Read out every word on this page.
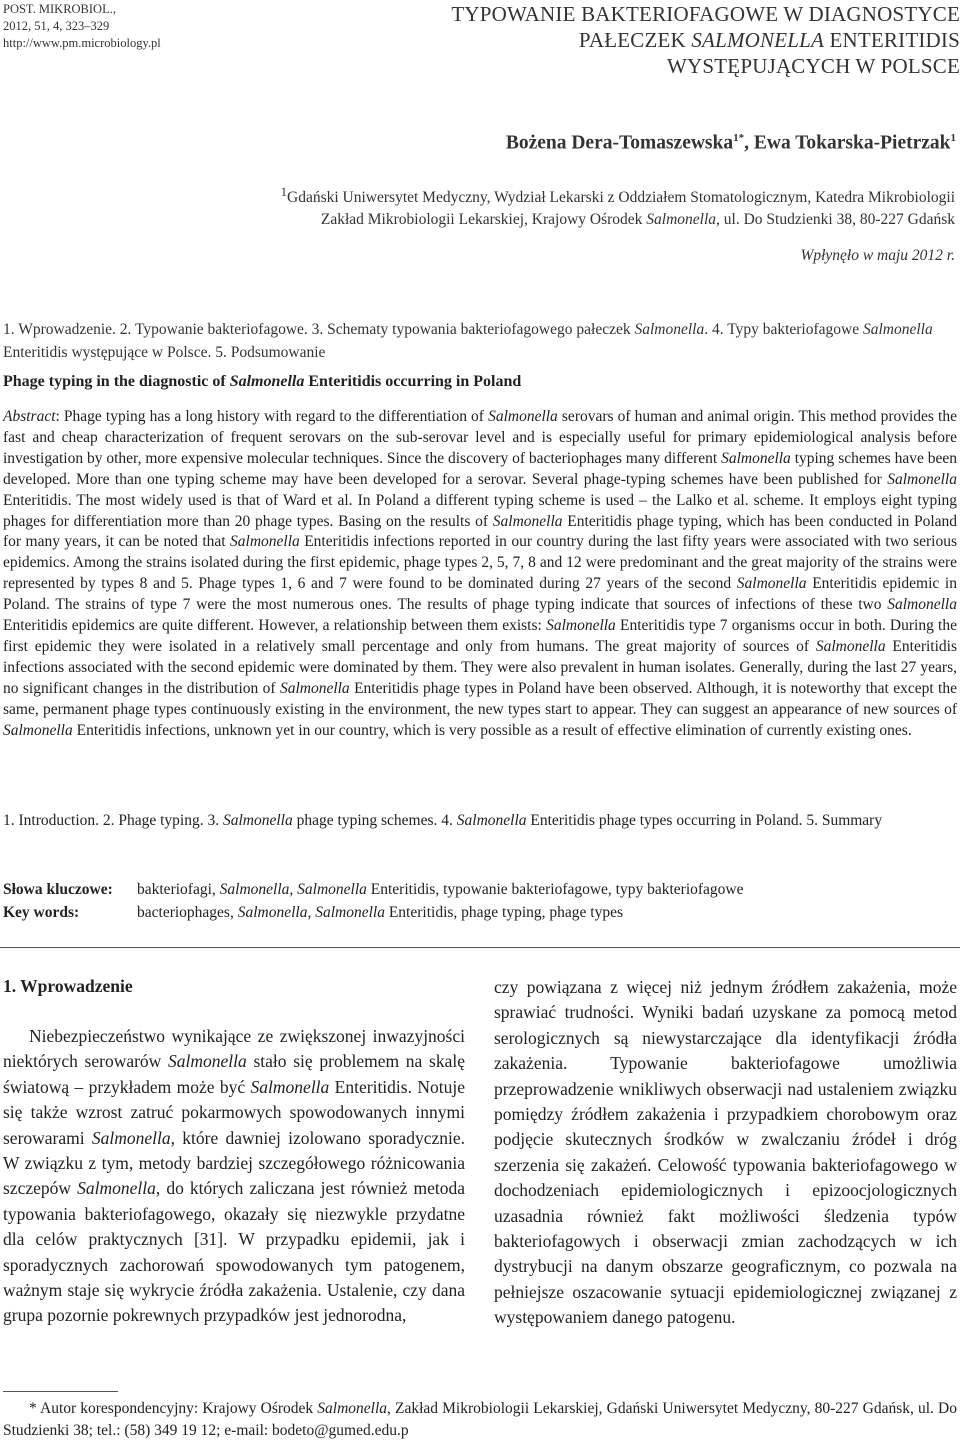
POST. MIKROBIOL.,
2012, 51, 4, 323–329
http://www.pm.microbiology.pl
TYPOWANIE BAKTERIOFAGOWE W DIAGNOSTYCE
PAŁECZEK SALMONELLA ENTERITIDIS
WYSTĘPUJĄCYCH W POLSCE
Bożena Dera-Tomaszewska$^{1*}$, Ewa Tokarska-Pietrzak$^1$
$^1$Gdański Uniwersytet Medyczny, Wydział Lekarski z Oddziałem Stomatologicznym, Katedra Mikrobiologii
Zakład Mikrobiologii Lekarskiej, Krajowy Ośrodek Salmonella, ul. Do Studzienki 38, 80-227 Gdańsk
Wpłynęło w maju 2012 r.
1. Wprowadzenie. 2. Typowanie bakteriofagowe. 3. Schematy typowania bakteriofagowego pałeczek Salmonella. 4. Typy bakteriofagowe Salmonella Enteritidis występujące w Polsce. 5. Podsumowanie
Phage typing in the diagnostic of Salmonella Enteritidis occurring in Poland
Abstract: Phage typing has a long history with regard to the differentiation of Salmonella serovars of human and animal origin. This method provides the fast and cheap characterization of frequent serovars on the sub-serovar level and is especially useful for primary epidemiological analysis before investigation by other, more expensive molecular techniques. Since the discovery of bacteriophages many different Salmonella typing schemes have been developed. More than one typing scheme may have been developed for a serovar. Several phage-typing schemes have been published for Salmonella Enteritidis. The most widely used is that of Ward et al. In Poland a different typing scheme is used – the Lalko et al. scheme. It employs eight typing phages for differentiation more than 20 phage types. Basing on the results of Salmonella Enteritidis phage typing, which has been conducted in Poland for many years, it can be noted that Salmonella Enteritidis infections reported in our country during the last fifty years were associated with two serious epidemics. Among the strains isolated during the first epidemic, phage types 2, 5, 7, 8 and 12 were predominant and the great majority of the strains were represented by types 8 and 5. Phage types 1, 6 and 7 were found to be dominated during 27 years of the second Salmonella Enteritidis epidemic in Poland. The strains of type 7 were the most numerous ones. The results of phage typing indicate that sources of infections of these two Salmonella Enteritidis epidemics are quite different. However, a relationship between them exists: Salmonella Enteritidis type 7 organisms occur in both. During the first epidemic they were isolated in a relatively small percentage and only from humans. The great majority of sources of Salmonella Enteritidis infections associated with the second epidemic were dominated by them. They were also prevalent in human isolates. Generally, during the last 27 years, no significant changes in the distribution of Salmonella Enteritidis phage types in Poland have been observed. Although, it is noteworthy that except the same, permanent phage types continuously existing in the environment, the new types start to appear. They can suggest an appearance of new sources of Salmonella Enteritidis infections, unknown yet in our country, which is very possible as a result of effective elimination of currently existing ones.
1. Introduction. 2. Phage typing. 3. Salmonella phage typing schemes. 4. Salmonella Enteritidis phage types occurring in Poland. 5. Summary
Słowa kluczowe: bakteriofagi, Salmonella, Salmonella Enteritidis, typowanie bakteriofagowe, typy bakteriofagowe
Key words:	bacteriophages, Salmonella, Salmonella Enteritidis, phage typing, phage types
1. Wprowadzenie
Niebezpieczeństwo wynikające ze zwiększonej inwazyjności niektórych serowarów Salmonella stało się problemem na skalę światową – przykładem może być Salmonella Enteritidis. Notuje się także wzrost zatruć pokarmowych spowodowanych innymi serowarami Salmonella, które dawniej izolowano sporadycznie. W związku z tym, metody bardziej szczegółowego różnicowania szczepów Salmonella, do których zaliczana jest również metoda typowania bakteriofagowego, okazały się niezwykle przydatne dla celów praktycznych [31]. W przypadku epidemii, jak i sporadycznych zachorowań spowodowanych tym patogenem, ważnym staje się wykrycie źródła zakażenia. Ustalenie, czy dana grupa pozornie pokrewnych przypadków jest jednorodna,
czy powiązana z więcej niż jednym źródłem zakażenia, może sprawiać trudności. Wyniki badań uzyskane za pomocą metod serologicznych są niewystarczające dla identyfikacji źródła zakażenia. Typowanie bakteriofagowe umożliwia przeprowadzenie wnikliwych obserwacji nad ustaleniem związku pomiędzy źródłem zakażenia i przypadkiem chorobowym oraz podjęcie skutecznych środków w zwalczaniu źródeł i dróg szerzenia się zakażeń. Celowość typowania bakteriofagowego w dochodzeniach epidemiologicznych i epizoocjologicznych uzasadnia również fakt możliwości śledzenia typów bakteriofagowych i obserwacji zmian zachodzących w ich dystrybucji na danym obszarze geograficznym, co pozwala na pełniejsze oszacowanie sytuacji epidemiologicznej związanej z występowaniem danego patogenu.
* Autor korespondencyjny: Krajowy Ośrodek Salmonella, Zakład Mikrobiologii Lekarskiej, Gdański Uniwersytet Medyczny, 80-227 Gdańsk, ul. Do Studzienki 38; tel.: (58) 349 19 12; e-mail: bodeto@gumed.edu.p
